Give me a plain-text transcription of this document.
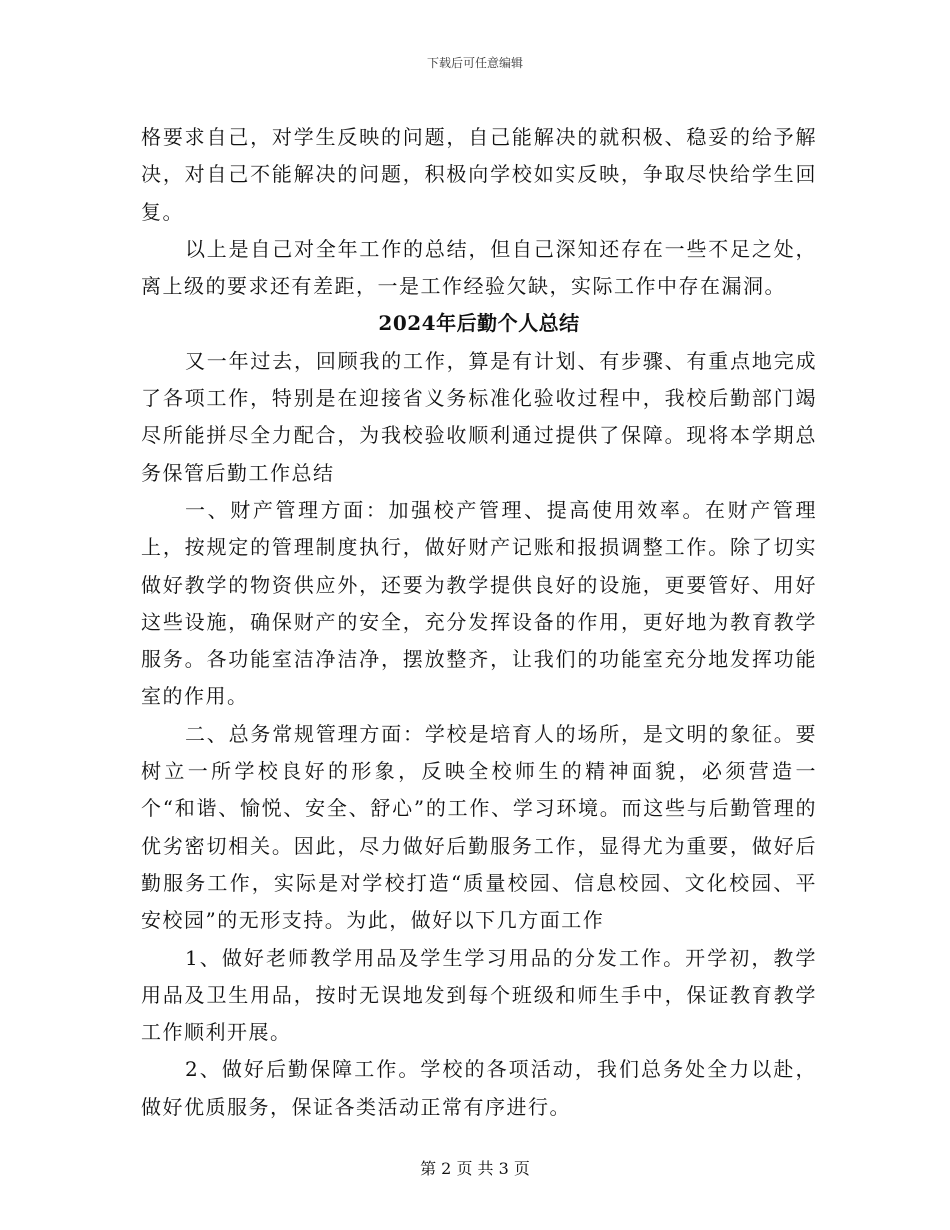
下载后可任意编辑

格要求自己，对学生反映的问题，自己能解决的就积极、稳妥的给予解决，对自己不能解决的问题，积极向学校如实反映，争取尽快给学生回复。

以上是自己对全年工作的总结，但自己深知还存在一些不足之处，离上级的要求还有差距，一是工作经验欠缺，实际工作中存在漏洞。

2024年后勤个人总结

又一年过去，回顾我的工作，算是有计划、有步骤、有重点地完成了各项工作，特别是在迎接省义务标准化验收过程中，我校后勤部门竭尽所能拼尽全力配合，为我校验收顺利通过提供了保障。现将本学期总务保管后勤工作总结

一、财产管理方面：加强校产管理、提高使用效率。在财产管理上，按规定的管理制度执行，做好财产记账和报损调整工作。除了切实做好教学的物资供应外，还要为教学提供良好的设施，更要管好、用好这些设施，确保财产的安全，充分发挥设备的作用，更好地为教育教学服务。各功能室洁净洁净，摆放整齐，让我们的功能室充分地发挥功能室的作用。

二、总务常规管理方面：学校是培育人的场所，是文明的象征。要树立一所学校良好的形象，反映全校师生的精神面貌，必须营造一个“和谐、愉悦、安全、舒心”的工作、学习环境。而这些与后勤管理的优劣密切相关。因此，尽力做好后勤服务工作，显得尤为重要，做好后勤服务工作，实际是对学校打造“质量校园、信息校园、文化校园、平安校园”的无形支持。为此，做好以下几方面工作

1、做好老师教学用品及学生学习用品的分发工作。开学初，教学用品及卫生用品，按时无误地发到每个班级和师生手中，保证教育教学工作顺利开展。

2、做好后勤保障工作。学校的各项活动，我们总务处全力以赴，做好优质服务，保证各类活动正常有序进行。

第 2 页 共 3 页
